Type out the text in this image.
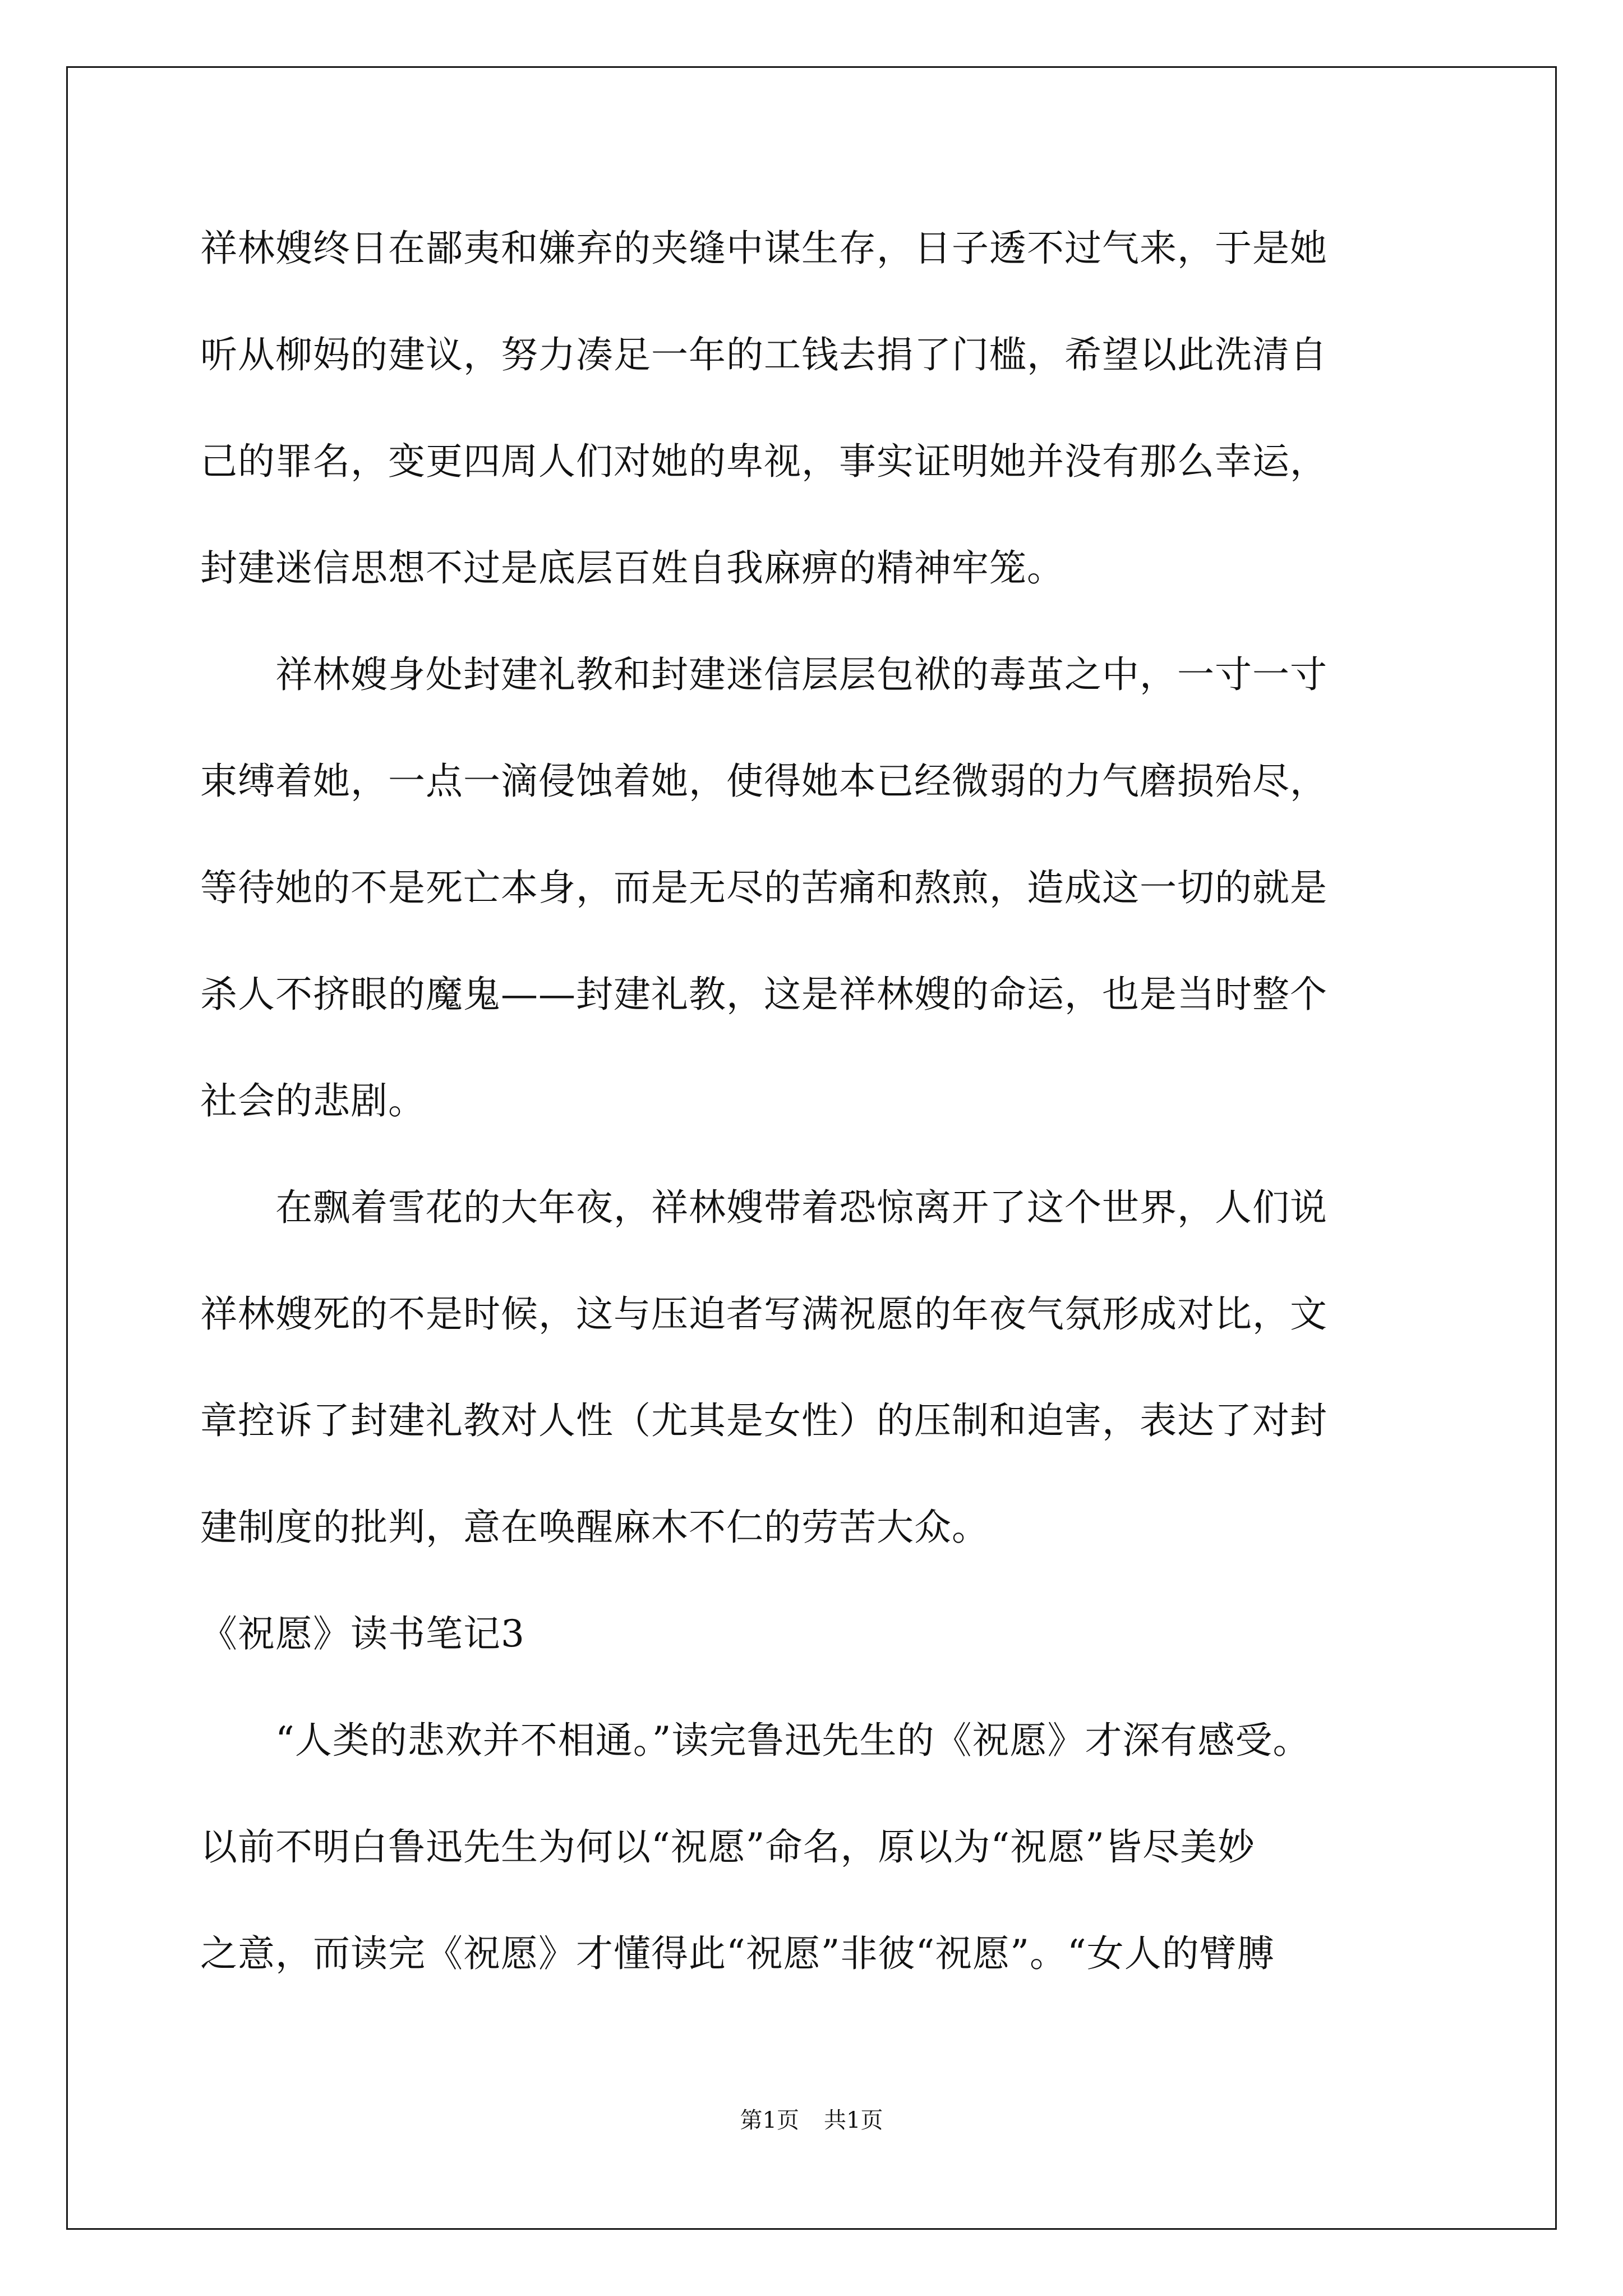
祥林嫂终日在鄙夷和嫌弃的夹缝中谋生存，日子透不过气来，于是她
听从柳妈的建议，努力凑足一年的工钱去捐了门槛，希望以此洗清自
己的罪名，变更四周人们对她的卑视，事实证明她并没有那么幸运，
封建迷信思想不过是底层百姓自我麻痹的精神牢笼。
　　祥林嫂身处封建礼教和封建迷信层层包袱的毒茧之中，一寸一寸
束缚着她，一点一滴侵蚀着她，使得她本已经微弱的力气磨损殆尽，
等待她的不是死亡本身，而是无尽的苦痛和熬煎，造成这一切的就是
杀人不挤眼的魔鬼——封建礼教，这是祥林嫂的命运，也是当时整个
社会的悲剧。
　　在飘着雪花的大年夜，祥林嫂带着恐惊离开了这个世界，人们说
祥林嫂死的不是时候，这与压迫者写满祝愿的年夜气氛形成对比，文
章控诉了封建礼教对人性（尤其是女性）的压制和迫害，表达了对封
建制度的批判，意在唤醒麻木不仁的劳苦大众。
《祝愿》读书笔记3
　　“人类的悲欢并不相通。”读完鲁迅先生的《祝愿》才深有感受。
以前不明白鲁迅先生为何以“祝愿”命名，原以为“祝愿”皆尽美妙
之意，而读完《祝愿》才懂得此“祝愿”非彼“祝愿”。“女人的臂膊
第1页 共1页
